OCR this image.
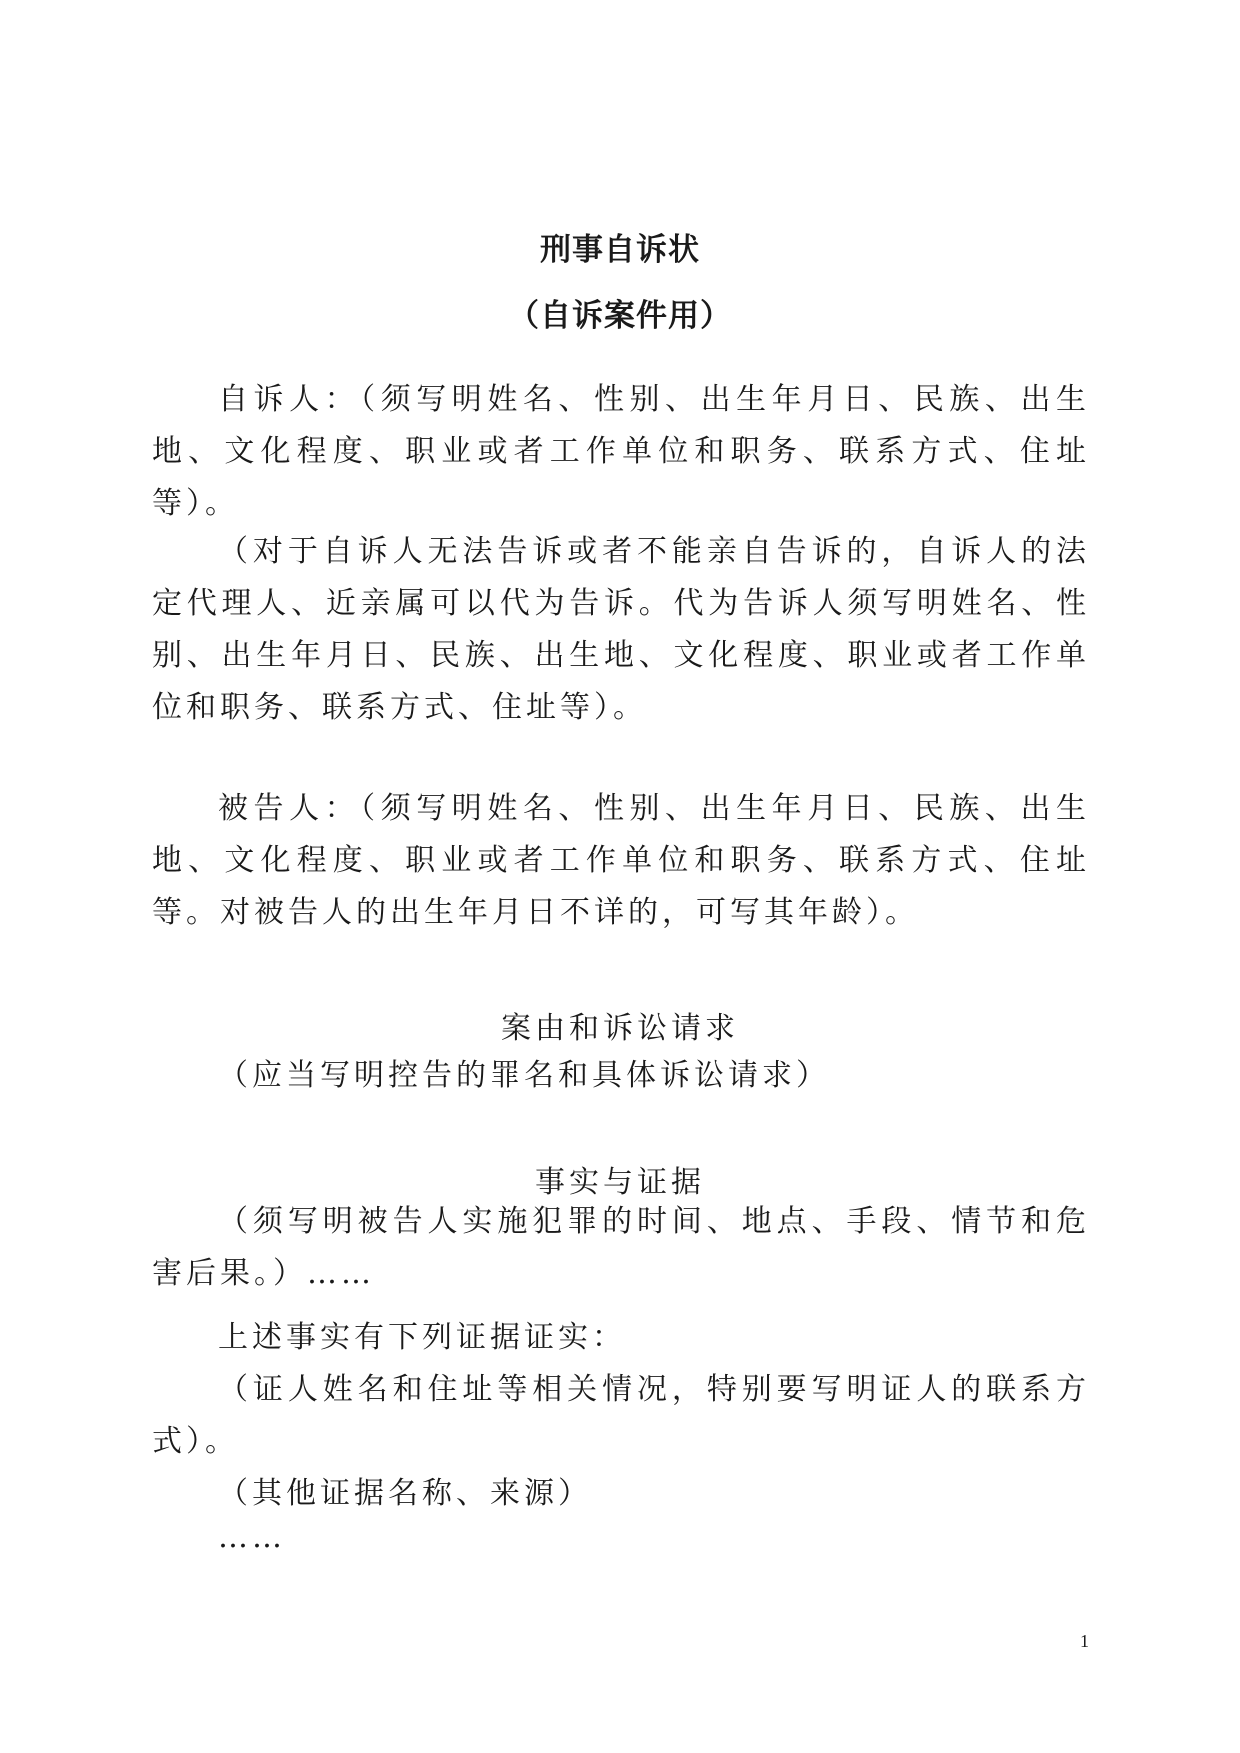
刑事自诉状
（自诉案件用）
自诉人：（须写明姓名、性别、出生年月日、民族、出生地、文化程度、职业或者工作单位和职务、联系方式、住址等）。
（对于自诉人无法告诉或者不能亲自告诉的，自诉人的法定代理人、近亲属可以代为告诉。代为告诉人须写明姓名、性别、出生年月日、民族、出生地、文化程度、职业或者工作单位和职务、联系方式、住址等）。
被告人：（须写明姓名、性别、出生年月日、民族、出生地、文化程度、职业或者工作单位和职务、联系方式、住址等。对被告人的出生年月日不详的，可写其年龄）。
案由和诉讼请求
（应当写明控告的罪名和具体诉讼请求）
事实与证据
（须写明被告人实施犯罪的时间、地点、手段、情节和危害后果。）……
上述事实有下列证据证实：
（证人姓名和住址等相关情况，特别要写明证人的联系方式）。
（其他证据名称、来源）
……
1
